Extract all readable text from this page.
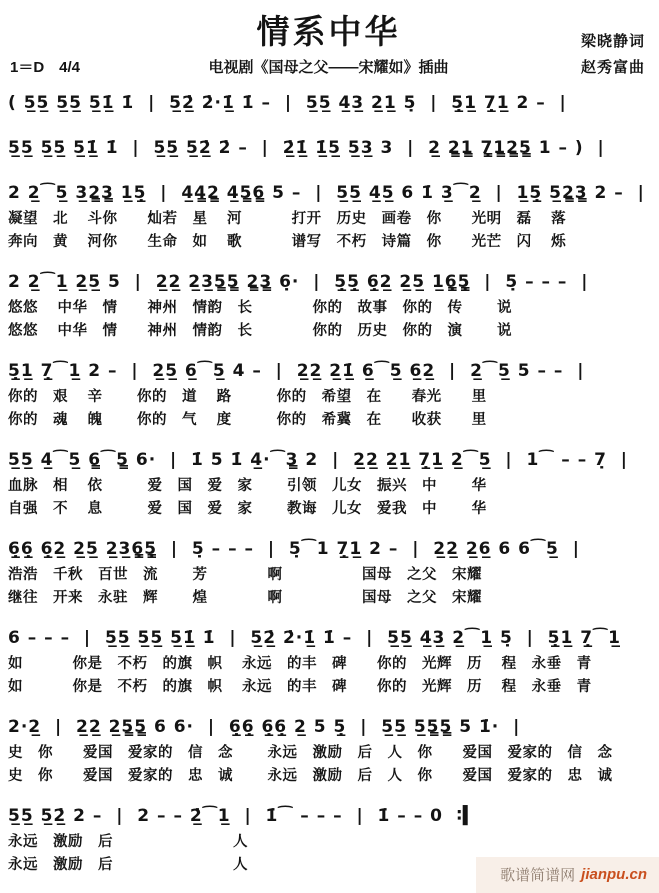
情系中华	梁晓静词
赵秀富曲
1＝D　4/4	电视剧《国母之父——宋耀如》插曲
( 5̲5̲ 5̲5̲ 5̲1̲̇ 1̇  |  5̲2̲̇ 2̇·1̲̇ 1̇ –  |  5̲5̲ 4̲3̲ 2̲1̲ 5̣  |  5̣̲1̲ 7̣̲1̲ 2 –  |
5̲5̲ 5̲5̲ 5̲1̲̇ 1̇  |  5̲5̲ 5̲2̲̇ 2̇ –  |  2̲̇1̲̇ 1̲̇5̲ 5̲3̲ 3  |  2̲ 2̳1̳ 7̣̳1̳2̳5̳ 1 – )  |
2 2̲⁀5̲ 3̲2̳3̳ 1̲5̣̲  |  4̲4̳2̳ 4̲5̳6̳ 5 –  |  5̲5̲ 4̲5̲ 6 1̇ 3̲⁀2̲  |  1̲5̣̲ 5̲2̳3̳ 2 –  |
凝望　北　 斗你　　灿若　星　 河　　　 打开　历史　画卷　你　　光明　磊　 落
奔向　黄　 河你　　生命　如　 歌　　　 谱写　不朽　诗篇　你　　光芒　闪　 烁
2 2̲⁀1̲ 2̲5̲ 5  |  2̲2̲ 2̲3̲5̳5̳ 2̳3̳ 6̣·  |  5̣̲5̣̲ 6̣̲2̲ 2̲5̲ 1̲6̣̳5̣̳  |  5̣ – – –  |
悠悠　 中华　情　　神州　情韵　长　　　　你的　故事　你的　传　　 说
悠悠　 中华　情　　神州　情韵　长　　　　你的　历史　你的　演　　 说
5̣̲1̲ 7̣̲⁀1̲ 2 –  |  2̲5̲ 6̲⁀5̲ 4 –  |  2̲2̲ 2̲1̲̇ 6̲⁀5̲ 6̲2̲  |  2̲⁀5̲ 5 – –  |
你的　艰　 辛　　 你的　道　 路　　　你的　希望　在　　春光　　里
你的　魂　 魄　　 你的　气　 度　　　你的　希冀　在　　收获　　里
5̲5̲ 4̲⁀5̲ 6̳⁀5̳ 6·  |  1̇ 5 1̇ 4̲·⁀3̳ 2  |  2̲2̲ 2̲1̲ 7̣̲1̲ 2̲⁀5̲  |  1⁀ – – 7̣  |
血脉　相　 依　　　爱　国　爱　家　　 引领　儿女　振兴　中　　 华
自强　不　 息　　　爱　国　爱　家　　 教诲　儿女　爱我　中　　 华
6̣̲6̣̲ 6̣̲2̲ 2̲5̲ 2̲3̲6̣̳5̣̳  |  5̣ – – –  |  5̣⁀1 7̣̲1̲ 2 –  |  2̲2̲ 2̲6̲ 6 6⁀5̲  |
浩浩　千秋　百世　流　　 芳　　　　啊　　　　　 国母　之父　宋耀
继往　开来　永驻　辉　　 煌　　　　啊　　　　　 国母　之父　宋耀
6 – – –  |  5̲5̲ 5̲5̲ 5̲1̲̇ 1̇  |  5̲2̲̇ 2̇·1̲̇ 1̇ –  |  5̲5̲ 4̲3̲ 2̲⁀1̲ 5̣  |  5̣̲1̲ 7̣̲⁀1̲
如　　　 你是　不朽　的旗　帜　 永远　的丰　碑　　你的　光辉　历　 程　永垂　青
如　　　 你是　不朽　的旗　帜　 永远　的丰　碑　　你的　光辉　历　 程　永垂　青
2·2̲  |  2̲2̲ 2̲5̳5̳ 6 6·  |  6̣̲6̣̲ 6̣̲6̣̲ 2̲ 5 5̣̲  |  5̲5̲ 5̲5̳5̳ 5 1̇·  |
史　你　　爱国　爱家的　信　念　　 永远　激励　后　人　你　　爱国　爱家的　信　念
史　你　　爱国　爱家的　忠　诚　　 永远　激励　后　人　你　　爱国　爱家的　忠　诚
5̲5̲ 5̲2̲̇ 2 –  |  2 – – 2̲̇⁀1̲  |  1̇⁀ – – –  |  1̇ – – 0  ∶▍
永远　激励　后　　　　　　　　人
永远　激励　后　　　　　　　　人
歌谱简谱网 jianpu.cn
